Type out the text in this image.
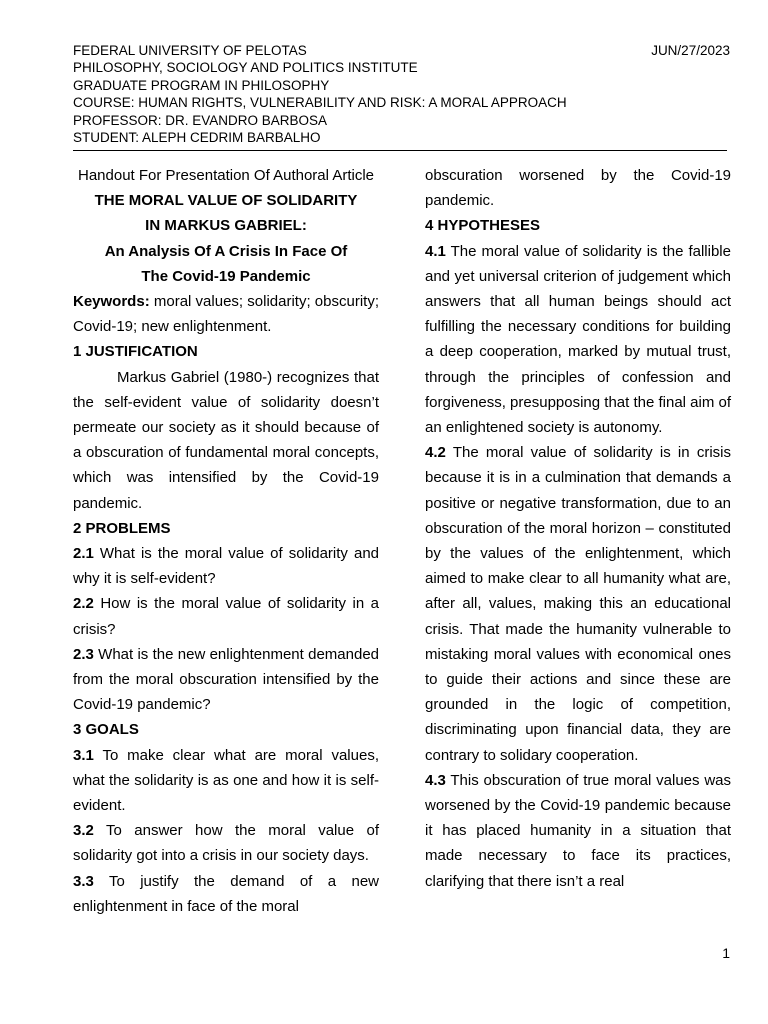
FEDERAL UNIVERSITY OF PELOTAS
PHILOSOPHY, SOCIOLOGY AND POLITICS INSTITUTE
GRADUATE PROGRAM IN PHILOSOPHY
COURSE: HUMAN RIGHTS, VULNERABILITY AND RISK: A MORAL APPROACH
PROFESSOR: DR. EVANDRO BARBOSA
STUDENT: ALEPH CEDRIM BARBALHO
JUN/27/2023

Handout For Presentation Of Authoral Article

THE MORAL VALUE OF SOLIDARITY

IN MARKUS GABRIEL:

An Analysis Of A Crisis In Face Of

The Covid-19 Pandemic

Keywords: moral values; solidarity; obscurity; Covid-19; new enlightenment.

1 JUSTIFICATION

Markus Gabriel (1980-) recognizes that the self-evident value of solidarity doesn’t permeate our society as it should because of a obscuration of fundamental moral concepts, which was intensified by the Covid-19 pandemic.

2 PROBLEMS

2.1 What is the moral value of solidarity and why it is self-evident?

2.2 How is the moral value of solidarity in a crisis?

2.3 What is the new enlightenment demanded from the moral obscuration intensified by the Covid-19 pandemic?

3 GOALS

3.1 To make clear what are moral values, what the solidarity is as one and how it is self-evident.

3.2 To answer how the moral value of solidarity got into a crisis in our society days.

3.3 To justify the demand of a new enlightenment in face of the moral

obscuration worsened by the Covid-19 pandemic.

4 HYPOTHESES

4.1 The moral value of solidarity is the fallible and yet universal criterion of judgement which answers that all human beings should act fulfilling the necessary conditions for building a deep cooperation, marked by mutual trust, through the principles of confession and forgiveness, presupposing that the final aim of an enlightened society is autonomy.

4.2 The moral value of solidarity is in crisis because it is in a culmination that demands a positive or negative transformation, due to an obscuration of the moral horizon – constituted by the values of the enlightenment, which aimed to make clear to all humanity what are, after all, values, making this an educational crisis. That made the humanity vulnerable to mistaking moral values with economical ones to guide their actions and since these are grounded in the logic of competition, discriminating upon financial data, they are contrary to solidary cooperation.

4.3 This obscuration of true moral values was worsened by the Covid-19 pandemic because it has placed humanity in a situation that made necessary to face its practices, clarifying that there isn’t a real

1
